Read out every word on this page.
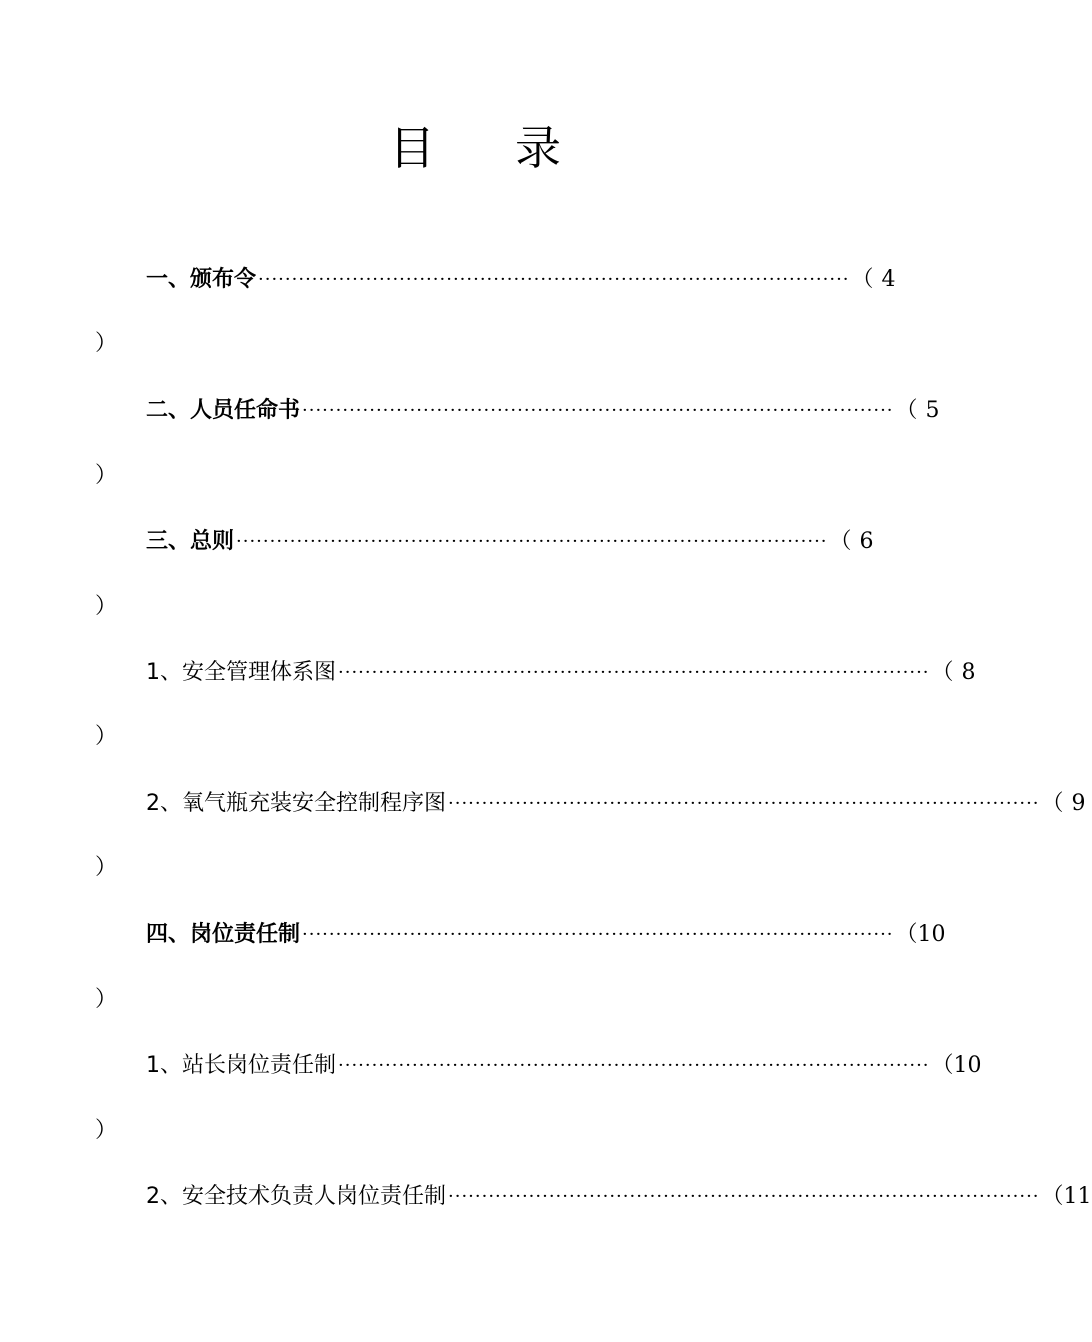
目 录
一、颁布令 ························································································ （ 4
）
二、人员任命书 ························································································ （ 5
）
三、总则 ························································································ （ 6
）
1、安全管理体系图 ························································································ （ 8
）
2、氧气瓶充装安全控制程序图 ························································································ （ 9
）
四、岗位责任制 ························································································ （ 10
）
1、站长岗位责任制 ························································································ （ 10
）
2、安全技术负责人岗位责任制 ························································································ （ 11
